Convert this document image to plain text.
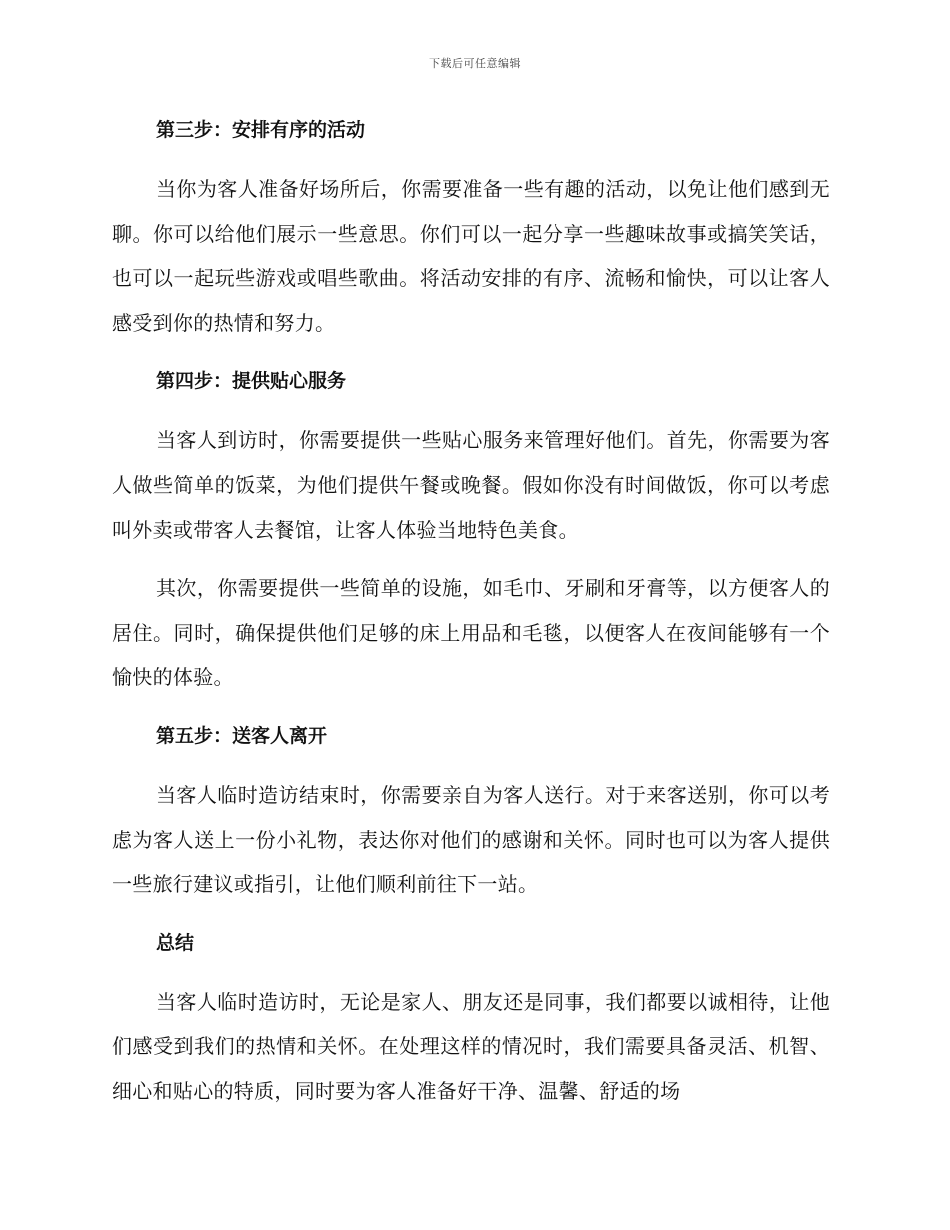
下载后可任意编辑
第三步：安排有序的活动

当你为客人准备好场所后，你需要准备一些有趣的活动，以免让他们感到无聊。你可以给他们展示一些意思。你们可以一起分享一些趣味故事或搞笑笑话，也可以一起玩些游戏或唱些歌曲。将活动安排的有序、流畅和愉快，可以让客人感受到你的热情和努力。

第四步：提供贴心服务

当客人到访时，你需要提供一些贴心服务来管理好他们。首先，你需要为客人做些简单的饭菜，为他们提供午餐或晚餐。假如你没有时间做饭，你可以考虑叫外卖或带客人去餐馆，让客人体验当地特色美食。

其次，你需要提供一些简单的设施，如毛巾、牙刷和牙膏等，以方便客人的居住。同时，确保提供他们足够的床上用品和毛毯，以便客人在夜间能够有一个愉快的体验。

第五步：送客人离开

当客人临时造访结束时，你需要亲自为客人送行。对于来客送别，你可以考虑为客人送上一份小礼物，表达你对他们的感谢和关怀。同时也可以为客人提供一些旅行建议或指引，让他们顺利前往下一站。

总结

当客人临时造访时，无论是家人、朋友还是同事，我们都要以诚相待，让他们感受到我们的热情和关怀。在处理这样的情况时，我们需要具备灵活、机智、细心和贴心的特质，同时要为客人准备好干净、温馨、舒适的场
